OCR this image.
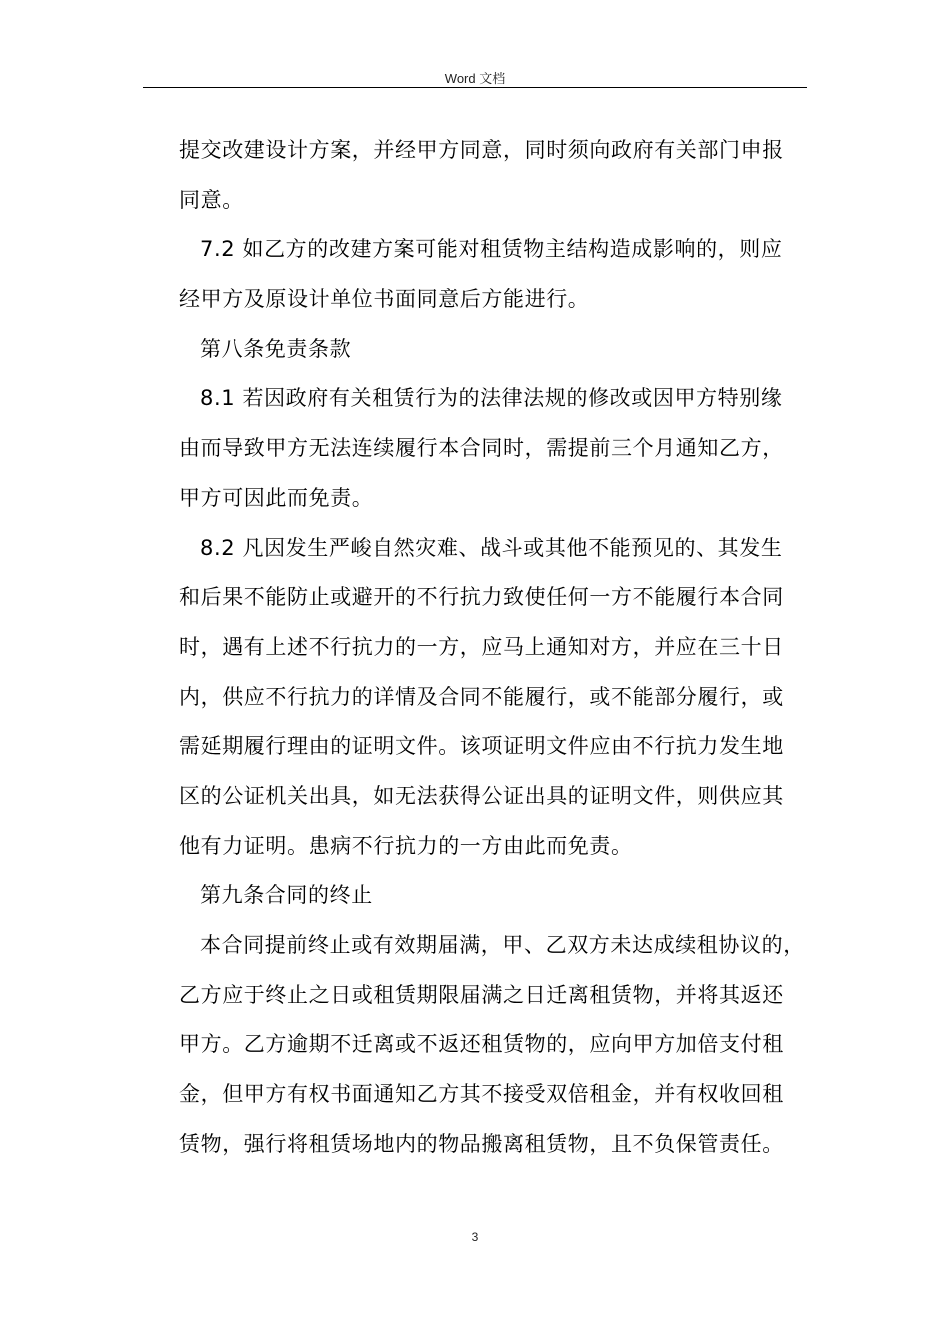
Word 文档
提交改建设计方案，并经甲方同意，同时须向政府有关部门申报
同意。
7.2 如乙方的改建方案可能对租赁物主结构造成影响的，则应
经甲方及原设计单位书面同意后方能进行。
第八条免责条款
8.1 若因政府有关租赁行为的法律法规的修改或因甲方特别缘
由而导致甲方无法连续履行本合同时，需提前三个月通知乙方，
甲方可因此而免责。
8.2 凡因发生严峻自然灾难、战斗或其他不能预见的、其发生
和后果不能防止或避开的不行抗力致使任何一方不能履行本合同
时，遇有上述不行抗力的一方，应马上通知对方，并应在三十日
内，供应不行抗力的详情及合同不能履行，或不能部分履行，或
需延期履行理由的证明文件。该项证明文件应由不行抗力发生地
区的公证机关出具，如无法获得公证出具的证明文件，则供应其
他有力证明。患病不行抗力的一方由此而免责。
第九条合同的终止
本合同提前终止或有效期届满，甲、乙双方未达成续租协议的，
乙方应于终止之日或租赁期限届满之日迁离租赁物，并将其返还
甲方。乙方逾期不迁离或不返还租赁物的，应向甲方加倍支付租
金，但甲方有权书面通知乙方其不接受双倍租金，并有权收回租
赁物，强行将租赁场地内的物品搬离租赁物，且不负保管责任。
3
